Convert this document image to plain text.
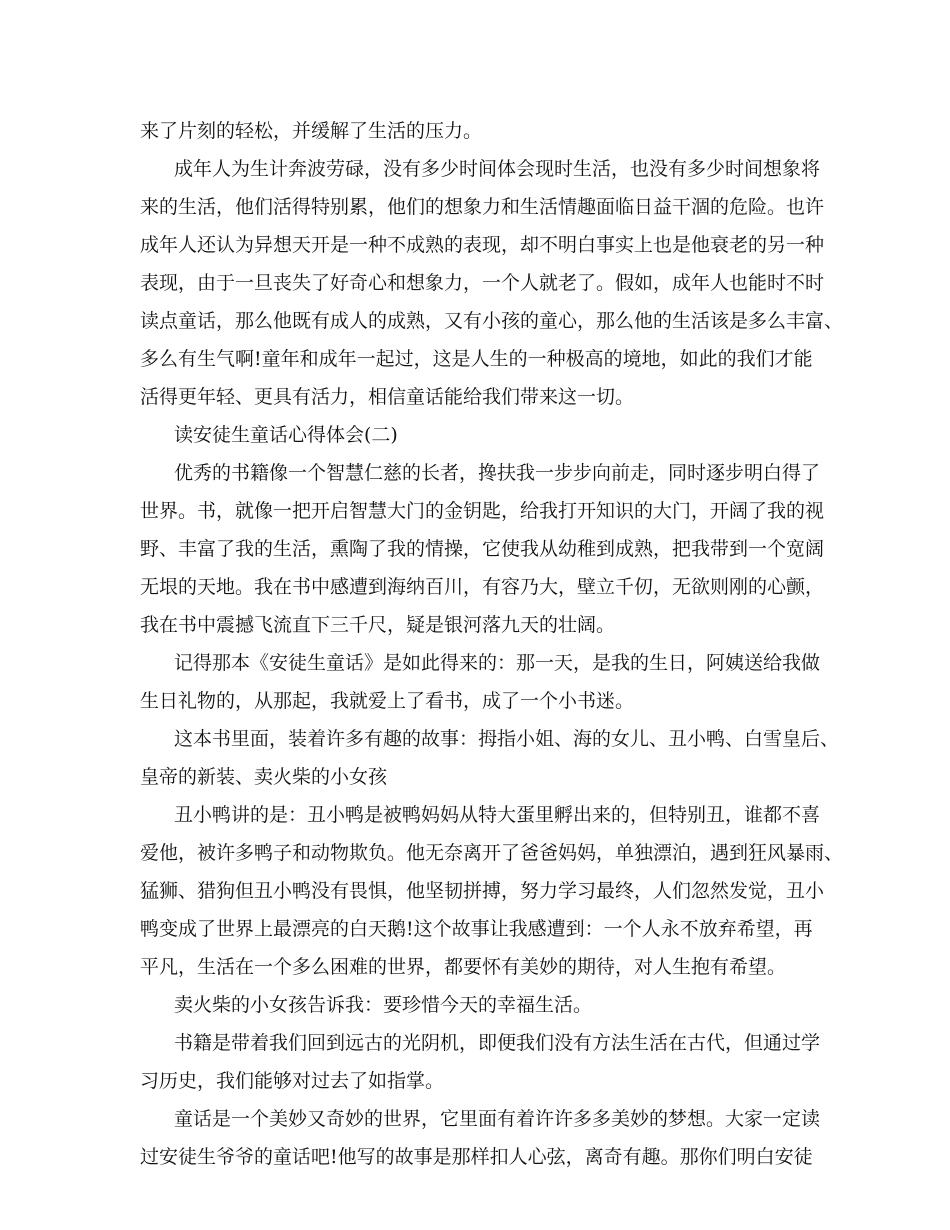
来了片刻的轻松，并缓解了生活的压力。
成年人为生计奔波劳碌，没有多少时间体会现时生活，也没有多少时间想象将
来的生活，他们活得特别累，他们的想象力和生活情趣面临日益干涸的危险。也许
成年人还认为异想天开是一种不成熟的表现，却不明白事实上也是他衰老的另一种
表现，由于一旦丧失了好奇心和想象力，一个人就老了。假如，成年人也能时不时
读点童话，那么他既有成人的成熟，又有小孩的童心，那么他的生活该是多么丰富、
多么有生气啊!童年和成年一起过，这是人生的一种极高的境地，如此的我们才能
活得更年轻、更具有活力，相信童话能给我们带来这一切。
读安徒生童话心得体会(二)
优秀的书籍像一个智慧仁慈的长者，搀扶我一步步向前走，同时逐步明白得了
世界。书，就像一把开启智慧大门的金钥匙，给我打开知识的大门，开阔了我的视
野、丰富了我的生活，熏陶了我的情操，它使我从幼稚到成熟，把我带到一个宽阔
无垠的天地。我在书中感遭到海纳百川，有容乃大，壁立千仞，无欲则刚的心颤，
我在书中震撼飞流直下三千尺，疑是银河落九天的壮阔。
记得那本《安徒生童话》是如此得来的：那一天，是我的生日，阿姨送给我做
生日礼物的，从那起，我就爱上了看书，成了一个小书迷。
这本书里面，装着许多有趣的故事：拇指小姐、海的女儿、丑小鸭、白雪皇后、
皇帝的新装、卖火柴的小女孩
丑小鸭讲的是：丑小鸭是被鸭妈妈从特大蛋里孵出来的，但特别丑，谁都不喜
爱他，被许多鸭子和动物欺负。他无奈离开了爸爸妈妈，单独漂泊，遇到狂风暴雨、
猛狮、猎狗但丑小鸭没有畏惧，他坚韧拼搏，努力学习最终，人们忽然发觉，丑小
鸭变成了世界上最漂亮的白天鹅!这个故事让我感遭到：一个人永不放弃希望，再
平凡，生活在一个多么困难的世界，都要怀有美妙的期待，对人生抱有希望。
卖火柴的小女孩告诉我：要珍惜今天的幸福生活。
书籍是带着我们回到远古的光阴机，即便我们没有方法生活在古代，但通过学
习历史，我们能够对过去了如指掌。
童话是一个美妙又奇妙的世界，它里面有着许许多多美妙的梦想。大家一定读
过安徒生爷爷的童话吧!他写的故事是那样扣人心弦，离奇有趣。那你们明白安徒
